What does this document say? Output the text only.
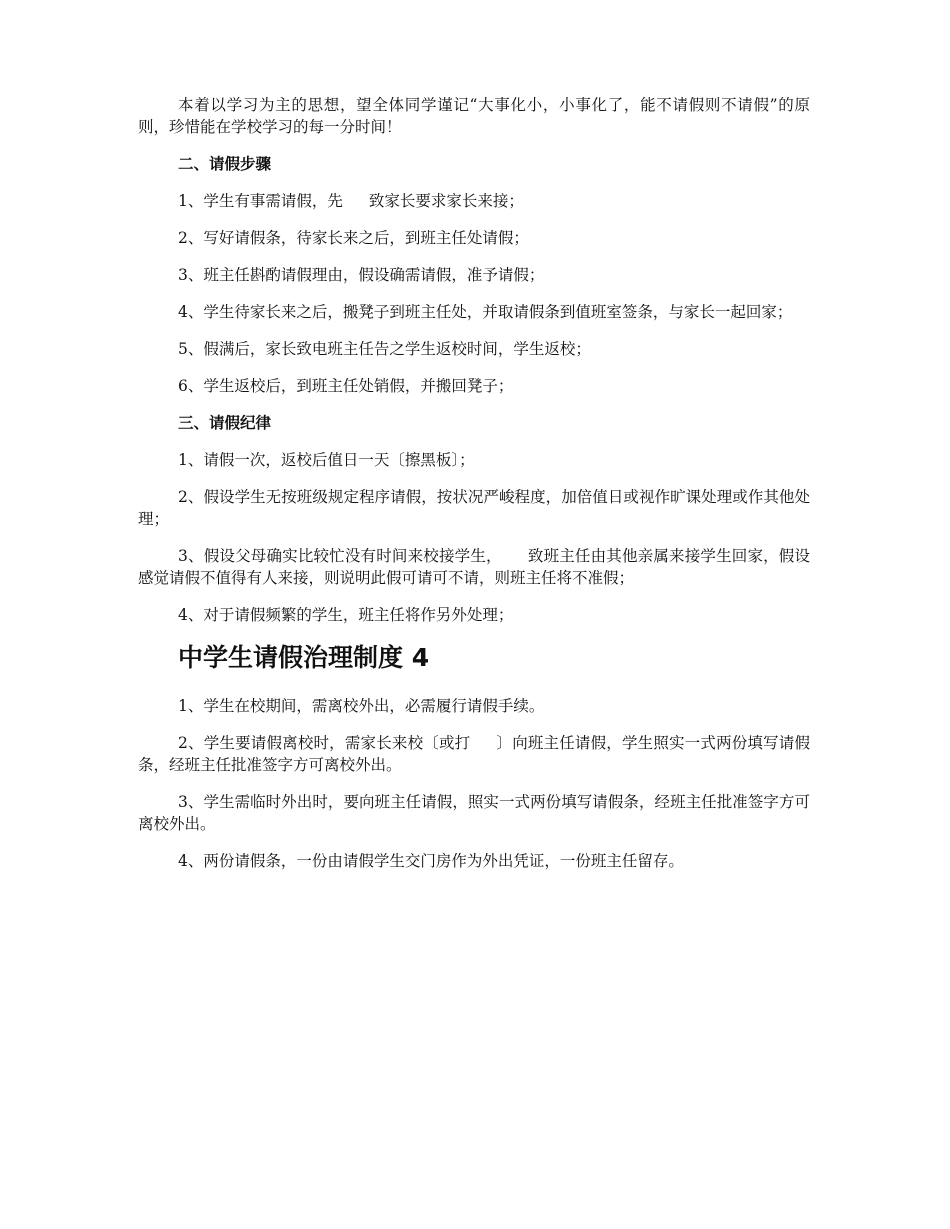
本着以学习为主的思想，望全体同学谨记“大事化小，小事化了，能不请假则不请假”的原则，珍惜能在学校学习的每一分时间！

二、请假步骤

1、学生有事需请假，先 致家长要求家长来接；

2、写好请假条，待家长来之后，到班主任处请假；

3、班主任斟酌请假理由，假设确需请假，准予请假；

4、学生待家长来之后，搬凳子到班主任处，并取请假条到值班室签条，与家长一起回家；

5、假满后，家长致电班主任告之学生返校时间，学生返校；

6、学生返校后，到班主任处销假，并搬回凳子；

三、请假纪律

1、请假一次，返校后值日一天〔擦黑板〕；

2、假设学生无按班级规定程序请假，按状况严峻程度，加倍值日或视作旷课处理或作其他处理；

3、假设父母确实比较忙没有时间来校接学生， 致班主任由其他亲属来接学生回家，假设感觉请假不值得有人来接，则说明此假可请可不请，则班主任将不准假；

4、对于请假频繁的学生，班主任将作另外处理；

中学生请假治理制度 4

1、学生在校期间，需离校外出，必需履行请假手续。

2、学生要请假离校时，需家长来校〔或打 〕向班主任请假，学生照实一式两份填写请假条，经班主任批准签字方可离校外出。

3、学生需临时外出时，要向班主任请假，照实一式两份填写请假条，经班主任批准签字方可离校外出。

4、两份请假条，一份由请假学生交门房作为外出凭证，一份班主任留存。
